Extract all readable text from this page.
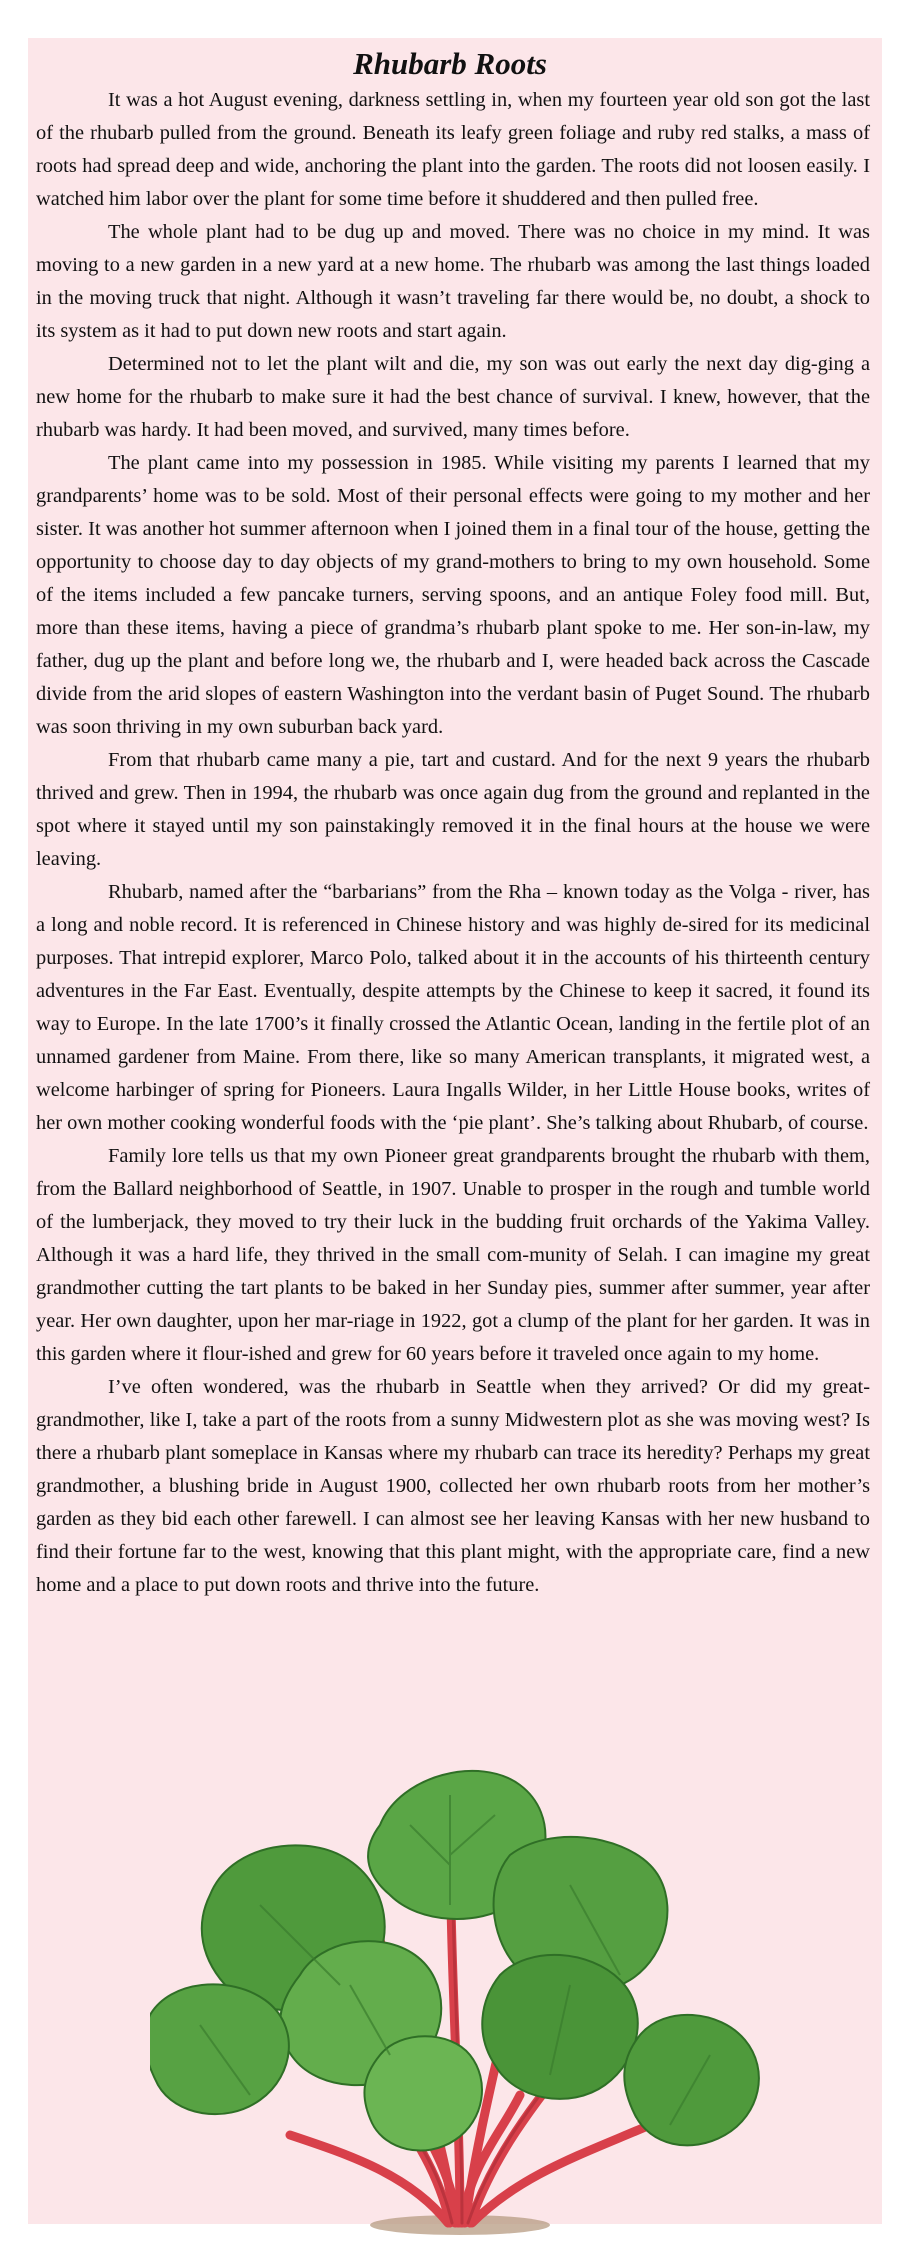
Rhubarb Roots

It was a hot August evening, darkness settling in, when my fourteen year old son got the last of the rhubarb pulled from the ground. Beneath its leafy green foliage and ruby red stalks, a mass of roots had spread deep and wide, anchoring the plant into the garden. The roots did not loosen easily. I watched him labor over the plant for some time before it shuddered and then pulled free.

The whole plant had to be dug up and moved. There was no choice in my mind. It was moving to a new garden in a new yard at a new home. The rhubarb was among the last things loaded in the moving truck that night. Although it wasn’t traveling far there would be, no doubt, a shock to its system as it had to put down new roots and start again.

Determined not to let the plant wilt and die, my son was out early the next day dig-ging a new home for the rhubarb to make sure it had the best chance of survival. I knew, however, that the rhubarb was hardy. It had been moved, and survived, many times before.

The plant came into my possession in 1985. While visiting my parents I learned that my grandparents’ home was to be sold. Most of their personal effects were going to my mother and her sister. It was another hot summer afternoon when I joined them in a final tour of the house, getting the opportunity to choose day to day objects of my grand-mothers to bring to my own household. Some of the items included a few pancake turners, serving spoons, and an antique Foley food mill. But, more than these items, having a piece of grandma’s rhubarb plant spoke to me. Her son-in-law, my father, dug up the plant and before long we, the rhubarb and I, were headed back across the Cascade divide from the arid slopes of eastern Washington into the verdant basin of Puget Sound. The rhubarb was soon thriving in my own suburban back yard.

From that rhubarb came many a pie, tart and custard. And for the next 9 years the rhubarb thrived and grew. Then in 1994, the rhubarb was once again dug from the ground and replanted in the spot where it stayed until my son painstakingly removed it in the final hours at the house we were leaving.

Rhubarb, named after the “barbarians” from the Rha – known today as the Volga - river, has a long and noble record. It is referenced in Chinese history and was highly de-sired for its medicinal purposes. That intrepid explorer, Marco Polo, talked about it in the accounts of his thirteenth century adventures in the Far East. Eventually, despite attempts by the Chinese to keep it sacred, it found its way to Europe. In the late 1700’s it finally crossed the Atlantic Ocean, landing in the fertile plot of an unnamed gardener from Maine. From there, like so many American transplants, it migrated west, a welcome harbinger of spring for Pioneers. Laura Ingalls Wilder, in her Little House books, writes of her own mother cooking wonderful foods with the ‘pie plant’. She’s talking about Rhubarb, of course.

Family lore tells us that my own Pioneer great grandparents brought the rhubarb with them, from the Ballard neighborhood of Seattle, in 1907. Unable to prosper in the rough and tumble world of the lumberjack, they moved to try their luck in the budding fruit orchards of the Yakima Valley. Although it was a hard life, they thrived in the small com-munity of Selah. I can imagine my great grandmother cutting the tart plants to be baked in her Sunday pies, summer after summer, year after year. Her own daughter, upon her mar-riage in 1922, got a clump of the plant for her garden. It was in this garden where it flour-ished and grew for 60 years before it traveled once again to my home.

I’ve often wondered, was the rhubarb in Seattle when they arrived? Or did my great-grandmother, like I, take a part of the roots from a sunny Midwestern plot as she was moving west? Is there a rhubarb plant someplace in Kansas where my rhubarb can trace its heredity? Perhaps my great grandmother, a blushing bride in August 1900, collected her own rhubarb roots from her mother’s garden as they bid each other farewell. I can almost see her leaving Kansas with her new husband to find their fortune far to the west, knowing that this plant might, with the appropriate care, find a new home and a place to put down roots and thrive into the future.
